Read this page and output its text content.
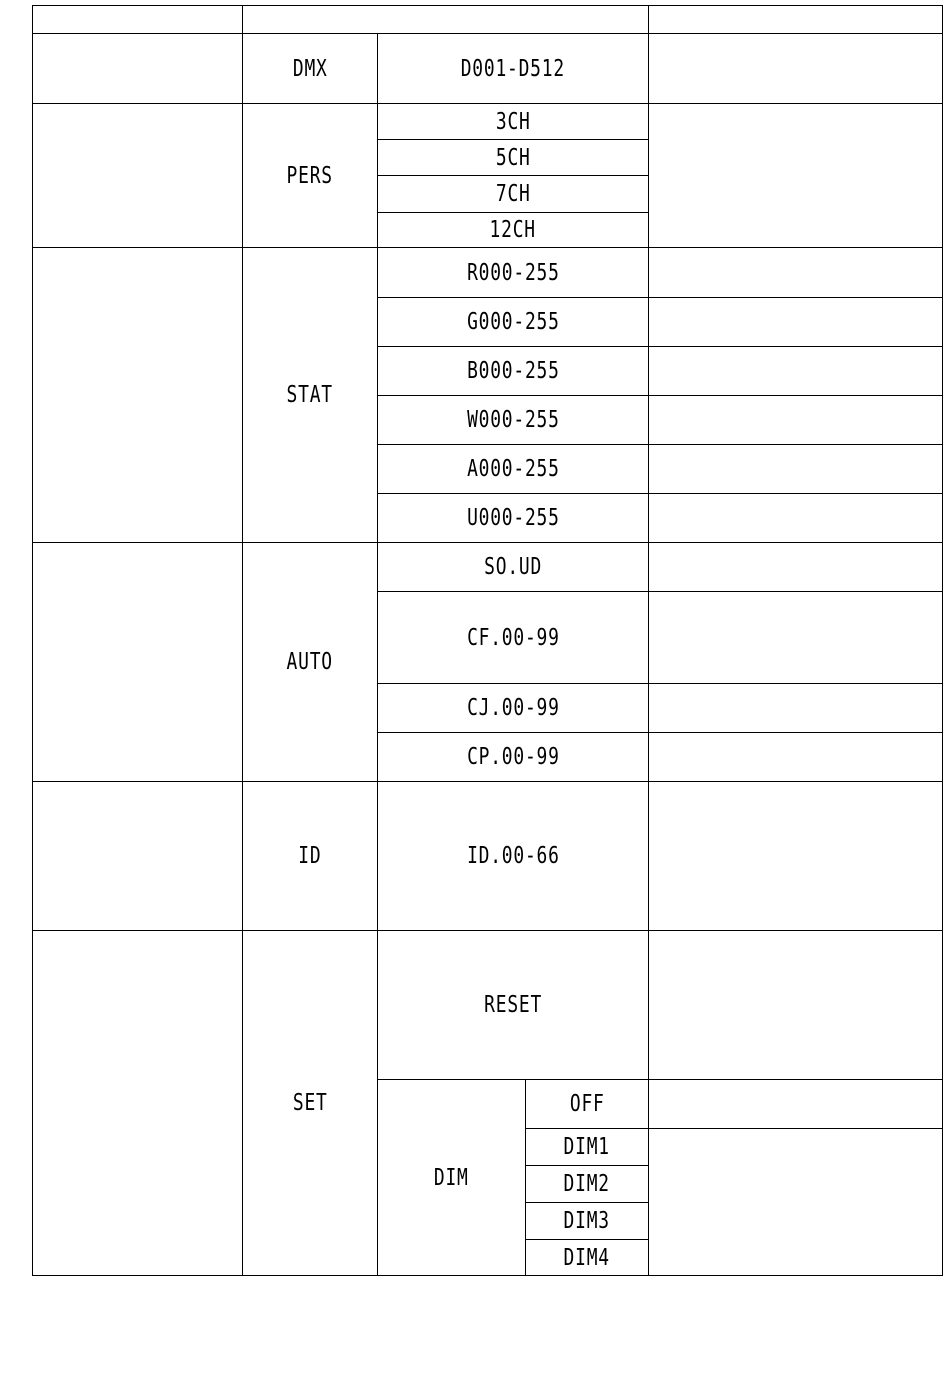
	DMX	D001-D512		
	PERS	3CH		
		5CH		
		7CH		
		12CH		
	STAT	R000-255		
		G000-255		
		B000-255		
		W000-255		
		A000-255		
		U000-255		
	AUTO	SO.UD		
		CF.00-99		
		CJ.00-99		
		CP.00-99		
	ID	ID.00-66		
	SET	RESET		
		DIM	OFF	
			DIM1	
			DIM2	
			DIM3	
			DIM4	
